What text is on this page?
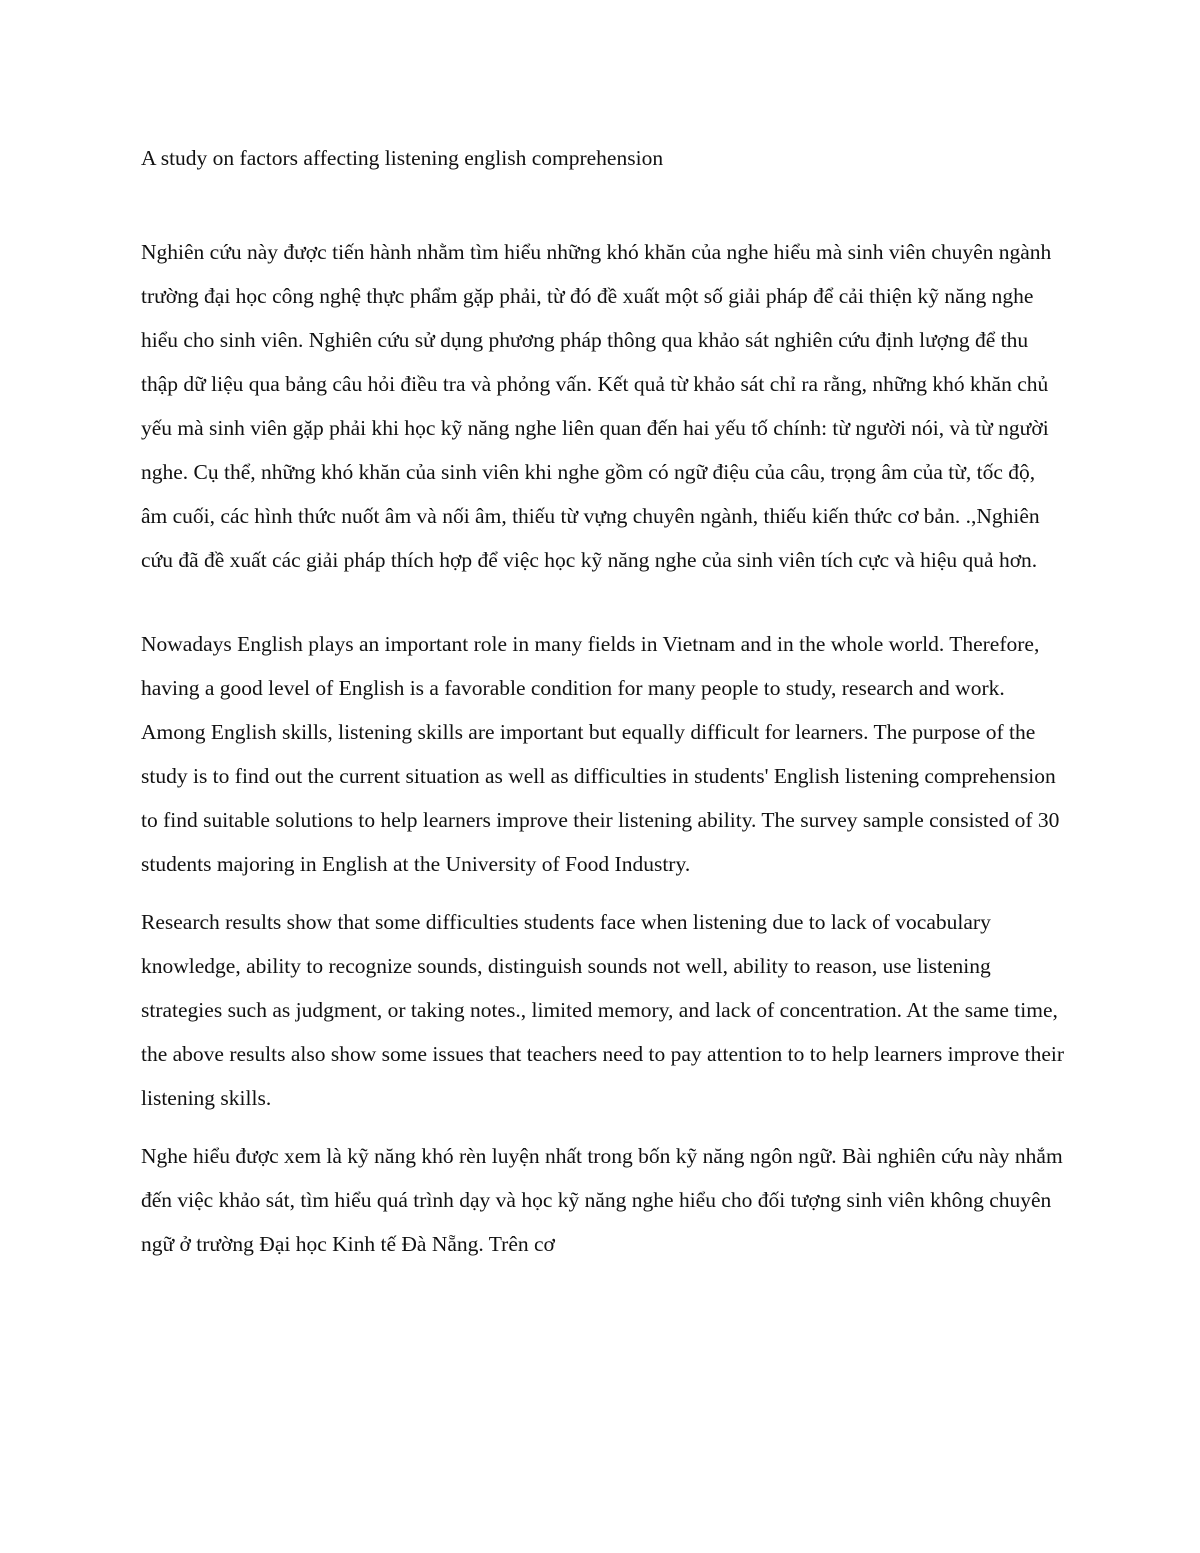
A study on factors affecting listening english comprehension

Nghiên cứu này được tiến hành nhằm tìm hiểu những khó khăn của nghe hiểu mà sinh viên chuyên ngành trường đại học công nghệ thực phẩm gặp phải, từ đó đề xuất một số giải pháp để cải thiện kỹ năng nghe hiểu cho sinh viên. Nghiên cứu sử dụng phương pháp thông qua khảo sát nghiên cứu định lượng để thu thập dữ liệu qua bảng câu hỏi điều tra và phỏng vấn. Kết quả từ khảo sát chỉ ra rằng, những khó khăn chủ yếu mà sinh viên gặp phải khi học kỹ năng nghe liên quan đến hai yếu tố chính: từ người nói, và từ người nghe. Cụ thể, những khó khăn của sinh viên khi nghe gồm có ngữ điệu của câu, trọng âm của từ, tốc độ, âm cuối, các hình thức nuốt âm và nối âm, thiếu từ vựng chuyên ngành, thiếu kiến thức cơ bản. .,Nghiên cứu đã đề xuất các giải pháp thích hợp để việc học kỹ năng nghe của sinh viên tích cực và hiệu quả hơn.

Nowadays English plays an important role in many fields in Vietnam and in the whole world. Therefore, having a good level of English is a favorable condition for many people to study, research and work. Among English skills, listening skills are important but equally difficult for learners. The purpose of the study is to find out the current situation as well as difficulties in students' English listening comprehension to find suitable solutions to help learners improve their listening ability. The survey sample consisted of 30 students majoring in English at the University of Food Industry.

Research results show that some difficulties students face when listening due to lack of vocabulary knowledge, ability to recognize sounds, distinguish sounds not well, ability to reason, use listening strategies such as judgment, or taking notes., limited memory, and lack of concentration. At the same time, the above results also show some issues that teachers need to pay attention to to help learners improve their listening skills.

Nghe hiểu được xem là kỹ năng khó rèn luyện nhất trong bốn kỹ năng ngôn ngữ. Bài nghiên cứu này nhắm đến việc khảo sát, tìm hiểu quá trình dạy và học kỹ năng nghe hiểu cho đối tượng sinh viên không chuyên ngữ ở trường Đại học Kinh tế Đà Nẵng. Trên cơ
